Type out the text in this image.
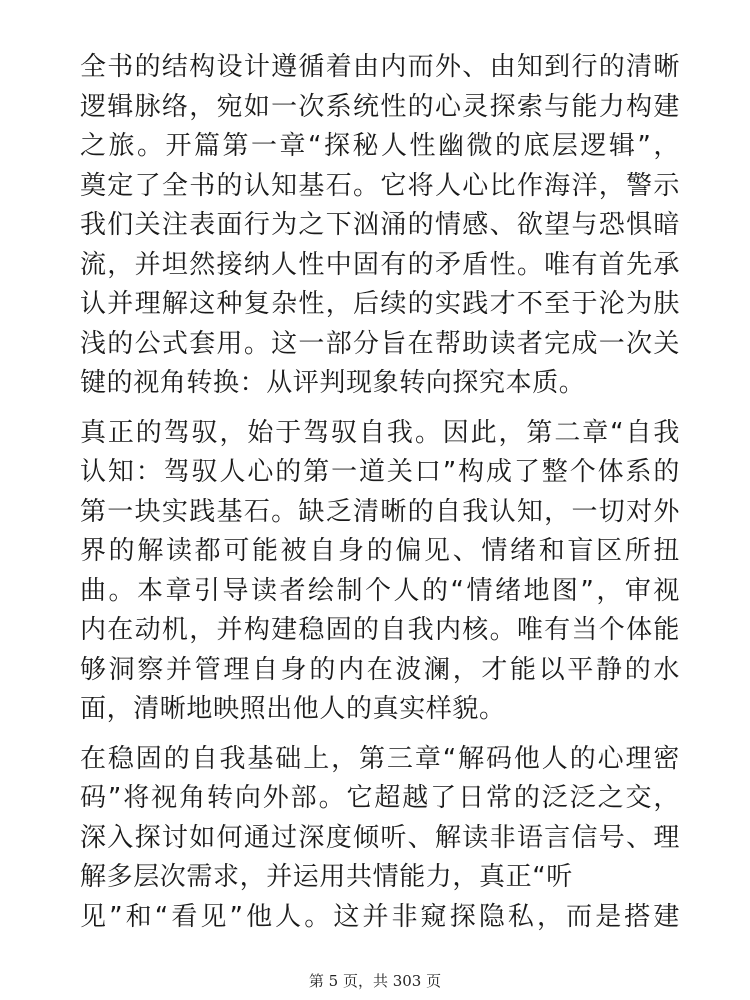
全书的结构设计遵循着由内而外、由知到行的清晰
逻辑脉络，宛如一次系统性的心灵探索与能力构建
之旅。开篇第一章“探秘人性幽微的底层逻辑”，
奠定了全书的认知基石。它将人心比作海洋，警示
我们关注表面行为之下汹涌的情感、欲望与恐惧暗
流，并坦然接纳人性中固有的矛盾性。唯有首先承
认并理解这种复杂性，后续的实践才不至于沦为肤
浅的公式套用。这一部分旨在帮助读者完成一次关
键的视角转换：从评判现象转向探究本质。
真正的驾驭，始于驾驭自我。因此，第二章“自我
认知：驾驭人心的第一道关口”构成了整个体系的
第一块实践基石。缺乏清晰的自我认知，一切对外
界的解读都可能被自身的偏见、情绪和盲区所扭
曲。本章引导读者绘制个人的“情绪地图”，审视
内在动机，并构建稳固的自我内核。唯有当个体能
够洞察并管理自身的内在波澜，才能以平静的水
面，清晰地映照出他人的真实样貌。
在稳固的自我基础上，第三章“解码他人的心理密
码”将视角转向外部。它超越了日常的泛泛之交，
深入探讨如何通过深度倾听、解读非语言信号、理
解多层次需求，并运用共情能力，真正“听
见”和“看见”他人。这并非窥探隐私，而是搭建
第 5 页，共 303 页
